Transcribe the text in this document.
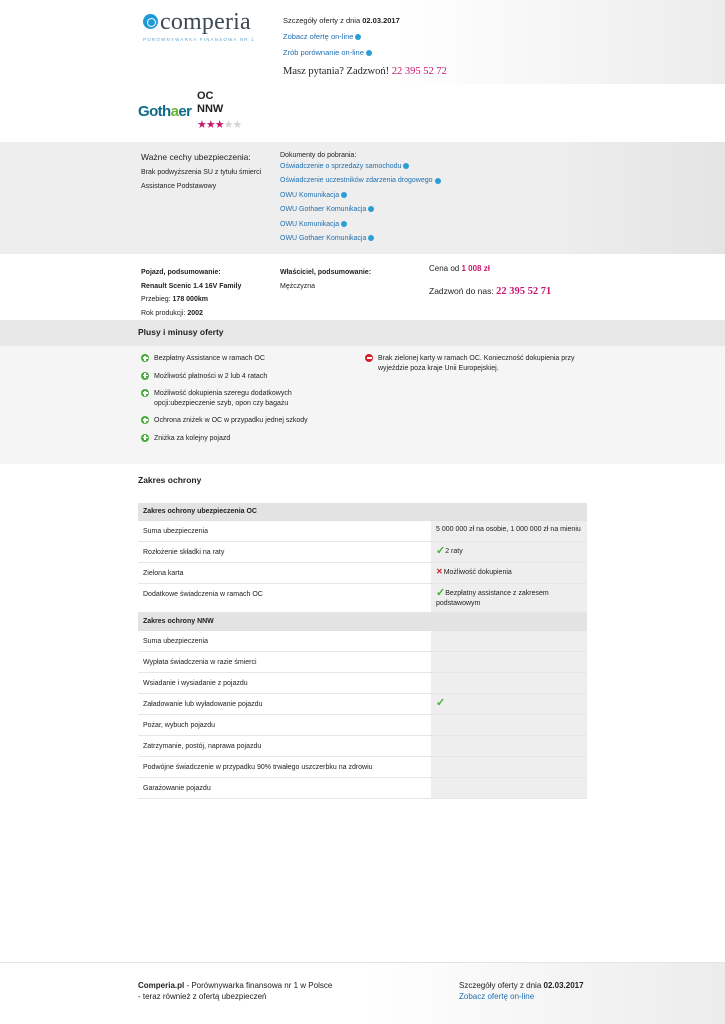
comperia
PORÓWNYWARKA FINANSOWA NR 1
Szczegóły oferty z dnia 02.03.2017
Zobacz ofertę on-line
Zrób porównanie on-line
Masz pytania? Zadzwoń! 22 395 52 72
Gothaer
OC
NNW
★★★★★
Ważne cechy ubezpieczenia:
Brak podwyższenia SU z tytułu śmierci
Assistance Podstawowy
Dokumenty do pobrania:
Oświadczenie o sprzedaży samochodu
Oświadczenie uczestników zdarzenia drogowego
OWU Komunikacja
OWU Gothaer Komunikacja
OWU Komunikacja
OWU Gothaer Komunikacja
Pojazd, podsumowanie:
Renault Scenic 1.4 16V Family
Przebieg: 178 000km
Rok produkcji: 2002
Właściciel, podsumowanie:
Mężczyzna
Cena od 1 008 zł
Zadzwoń do nas: 22 395 52 71
Plusy i minusy oferty
Bezpłatny Assistance w ramach OC
Możliwość płatności w 2 lub 4 ratach
Możliwość dokupienia szeregu dodatkowych opcji:ubezpieczenie szyb, opon czy bagażu
Ochrona zniżek w OC w przypadku jednej szkody
Zniżka za kolejny pojazd
Brak zielonej karty w ramach OC. Konieczność dokupienia przy wyjeździe poza kraje Unii Europejskiej.
Zakres ochrony
Zakres ochrony ubezpieczenia OC
Suma ubezpieczenia	5 000 000 zł na osobie, 1 000 000 zł na mieniu
Rozłożenie składki na raty	✓2 raty
Zielona karta	✕Możliwość dokupienia
Dodatkowe świadczenia w ramach OC	✓Bezpłatny assistance z zakresem podstawowym
Zakres ochrony NNW
Suma ubezpieczenia
Wypłata świadczenia w razie śmierci
Wsiadanie i wysiadanie z pojazdu
Załadowanie lub wyładowanie pojazdu	✓
Pożar, wybuch pojazdu
Zatrzymanie, postój, naprawa pojazdu
Podwójne świadczenie w przypadku 90% trwałego uszczerbku na zdrowiu
Garażowanie pojazdu
Comperia.pl - Porównywarka finansowa nr 1 w Polsce
- teraz również z ofertą ubezpieczeń
Szczegóły oferty z dnia 02.03.2017
Zobacz ofertę on-line
